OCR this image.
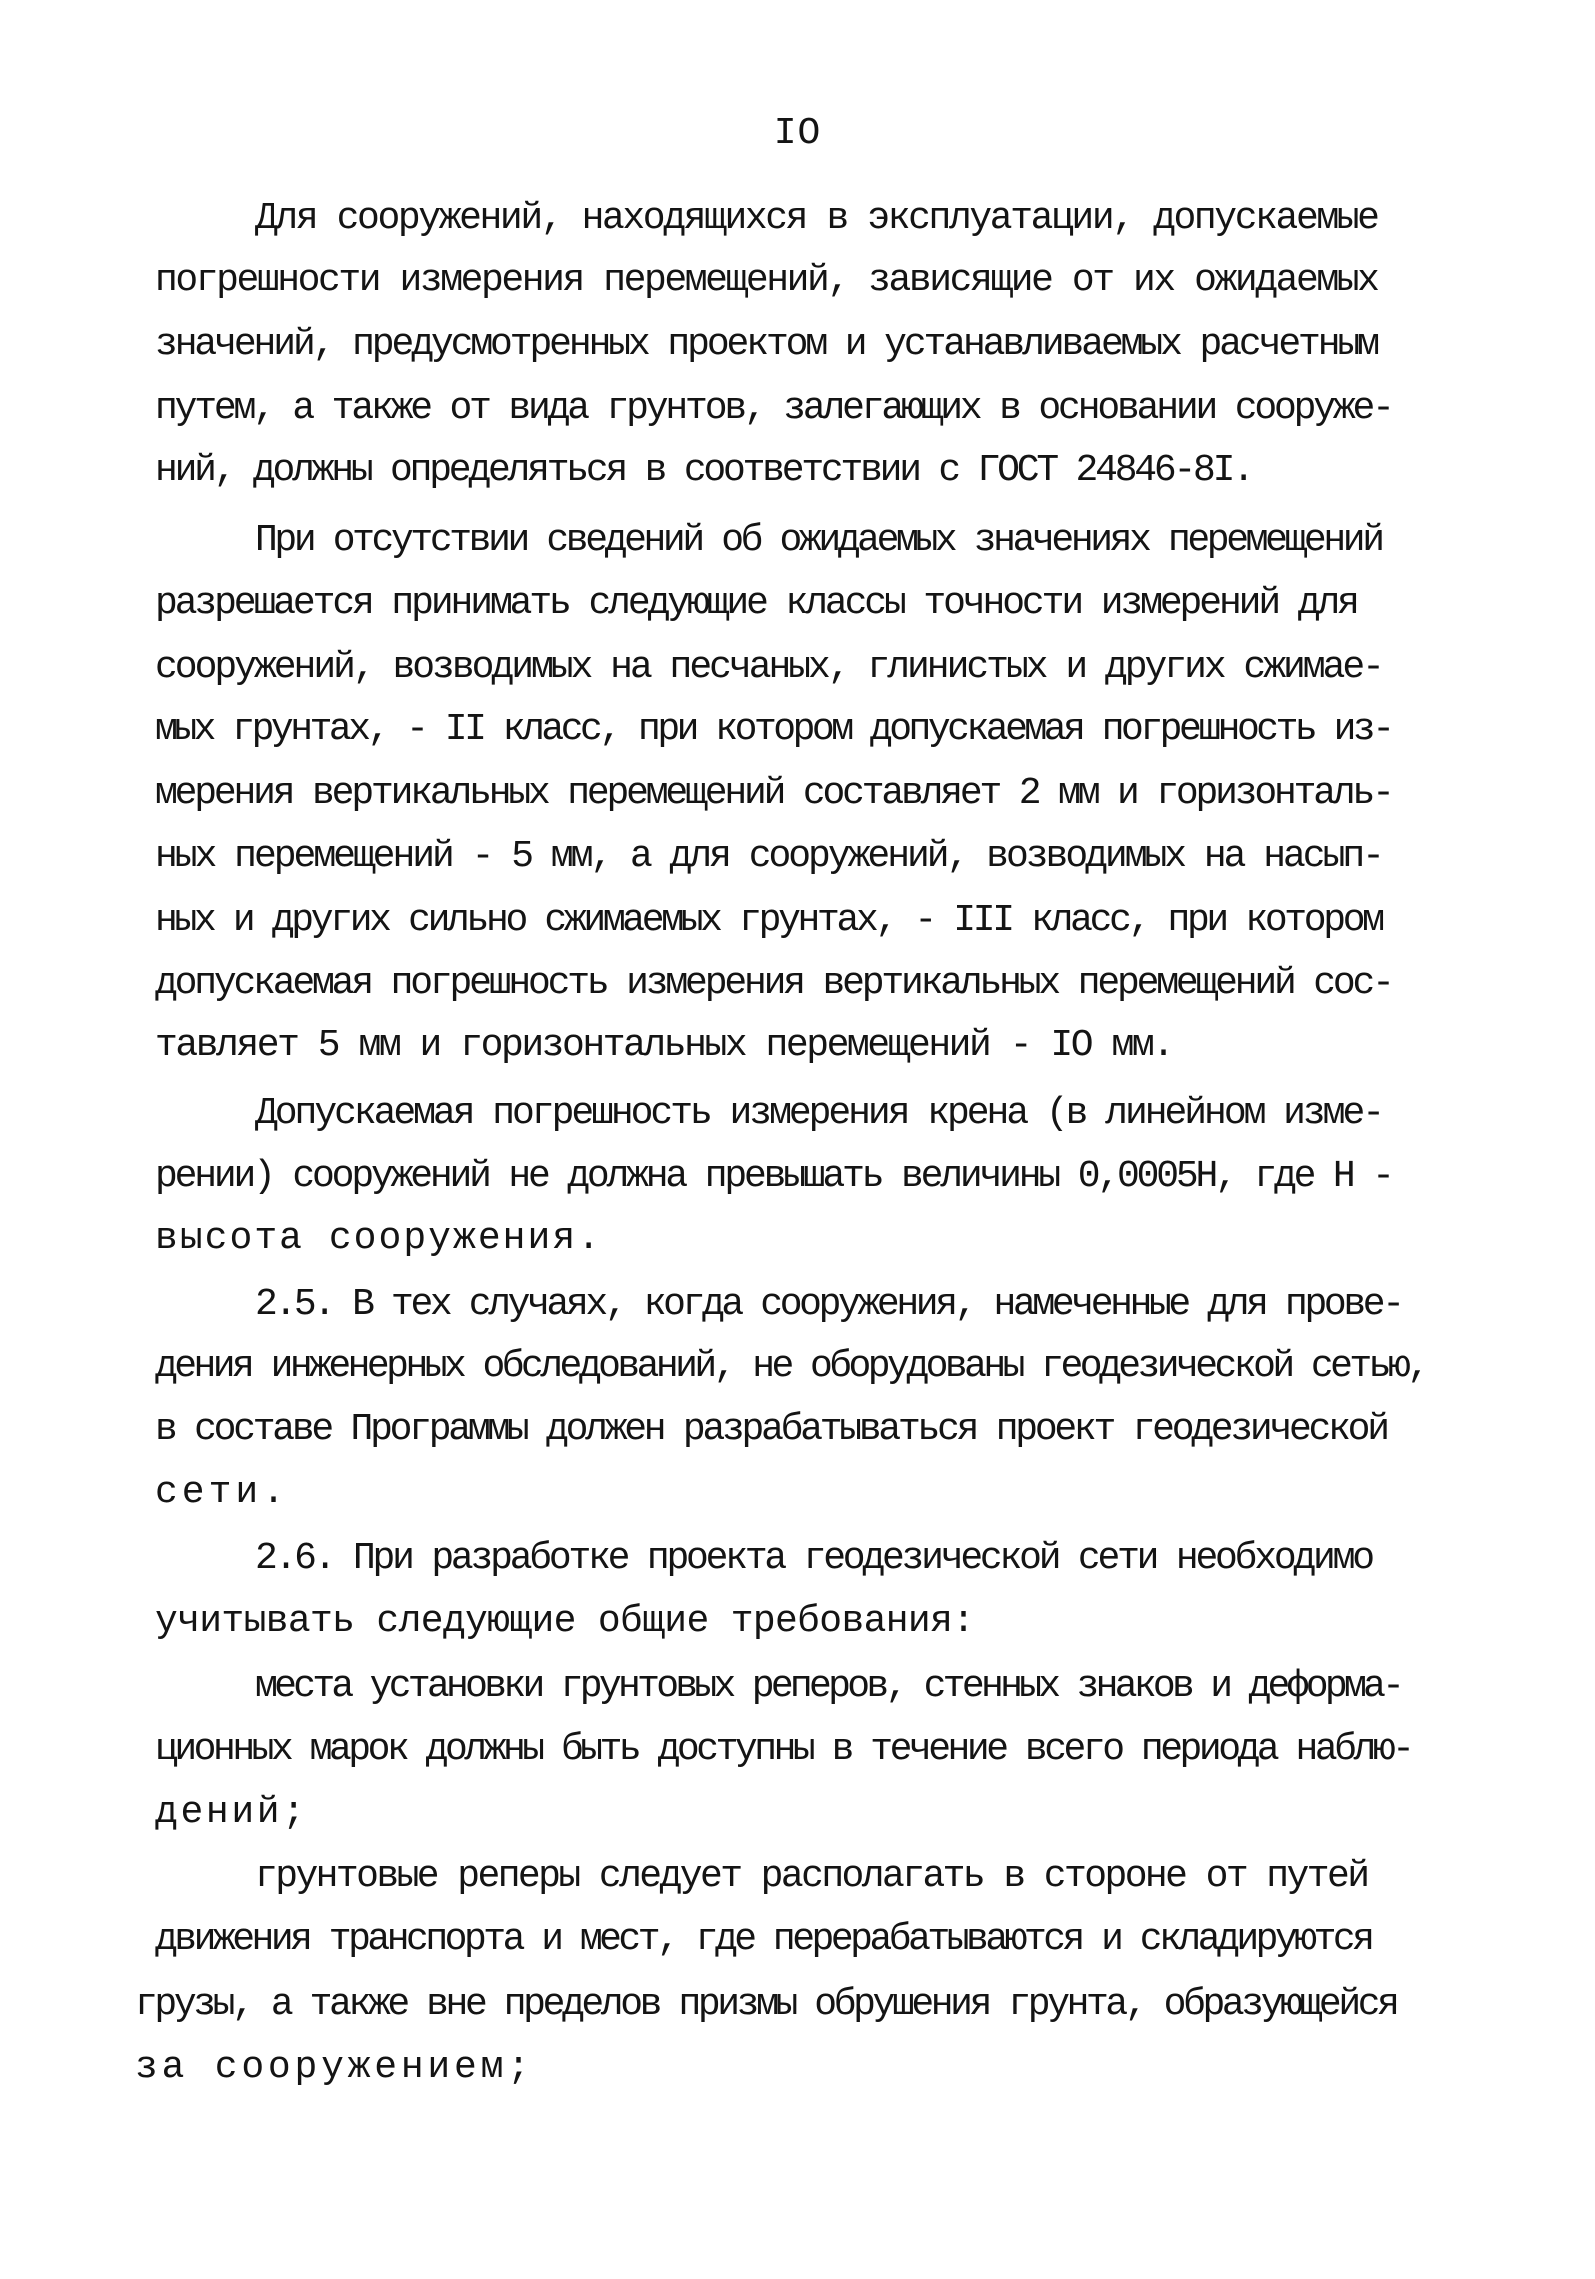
IO
Для сооружений, находящихся в эксплуатации, допускаемые
погрешности измерения перемещений, зависящие от их ожидаемых
значений, предусмотренных проектом и устанавливаемых расчетным
путем, а также от вида грунтов, залегающих в основании сооруже-
ний, должны определяться в соответствии с ГОСТ 24846-8I.
При отсутствии сведений об ожидаемых значениях перемещений
разрешается принимать следующие классы точности измерений для
сооружений, возводимых на песчаных, глинистых и других сжимае-
мых грунтах, - II класс, при котором допускаемая погрешность из-
мерения вертикальных перемещений составляет 2 мм и горизонталь-
ных перемещений - 5 мм, а для сооружений, возводимых на насып-
ных и других сильно сжимаемых грунтах, - III класс, при котором
допускаемая погрешность измерения вертикальных перемещений сос-
тавляет 5 мм и горизонтальных перемещений - IO мм.
Допускаемая погрешность измерения крена (в линейном изме-
рении) сооружений не должна превышать величины 0,0005H, где H -
высота сооружения.
2.5. В тех случаях, когда сооружения, намеченные для прове-
дения инженерных обследований, не оборудованы геодезической сетью,
в составе Программы должен разрабатываться проект геодезической
сети.
2.6. При разработке проекта геодезической сети необходимо
учитывать следующие общие требования:
места установки грунтовых реперов, стенных знаков и деформа-
ционных марок должны быть доступны в течение всего периода наблю-
дений;
грунтовые реперы следует располагать в стороне от путей
движения транспорта и мест, где перерабатываются и складируются
грузы, а также вне пределов призмы обрушения грунта, образующейся
за сооружением;
